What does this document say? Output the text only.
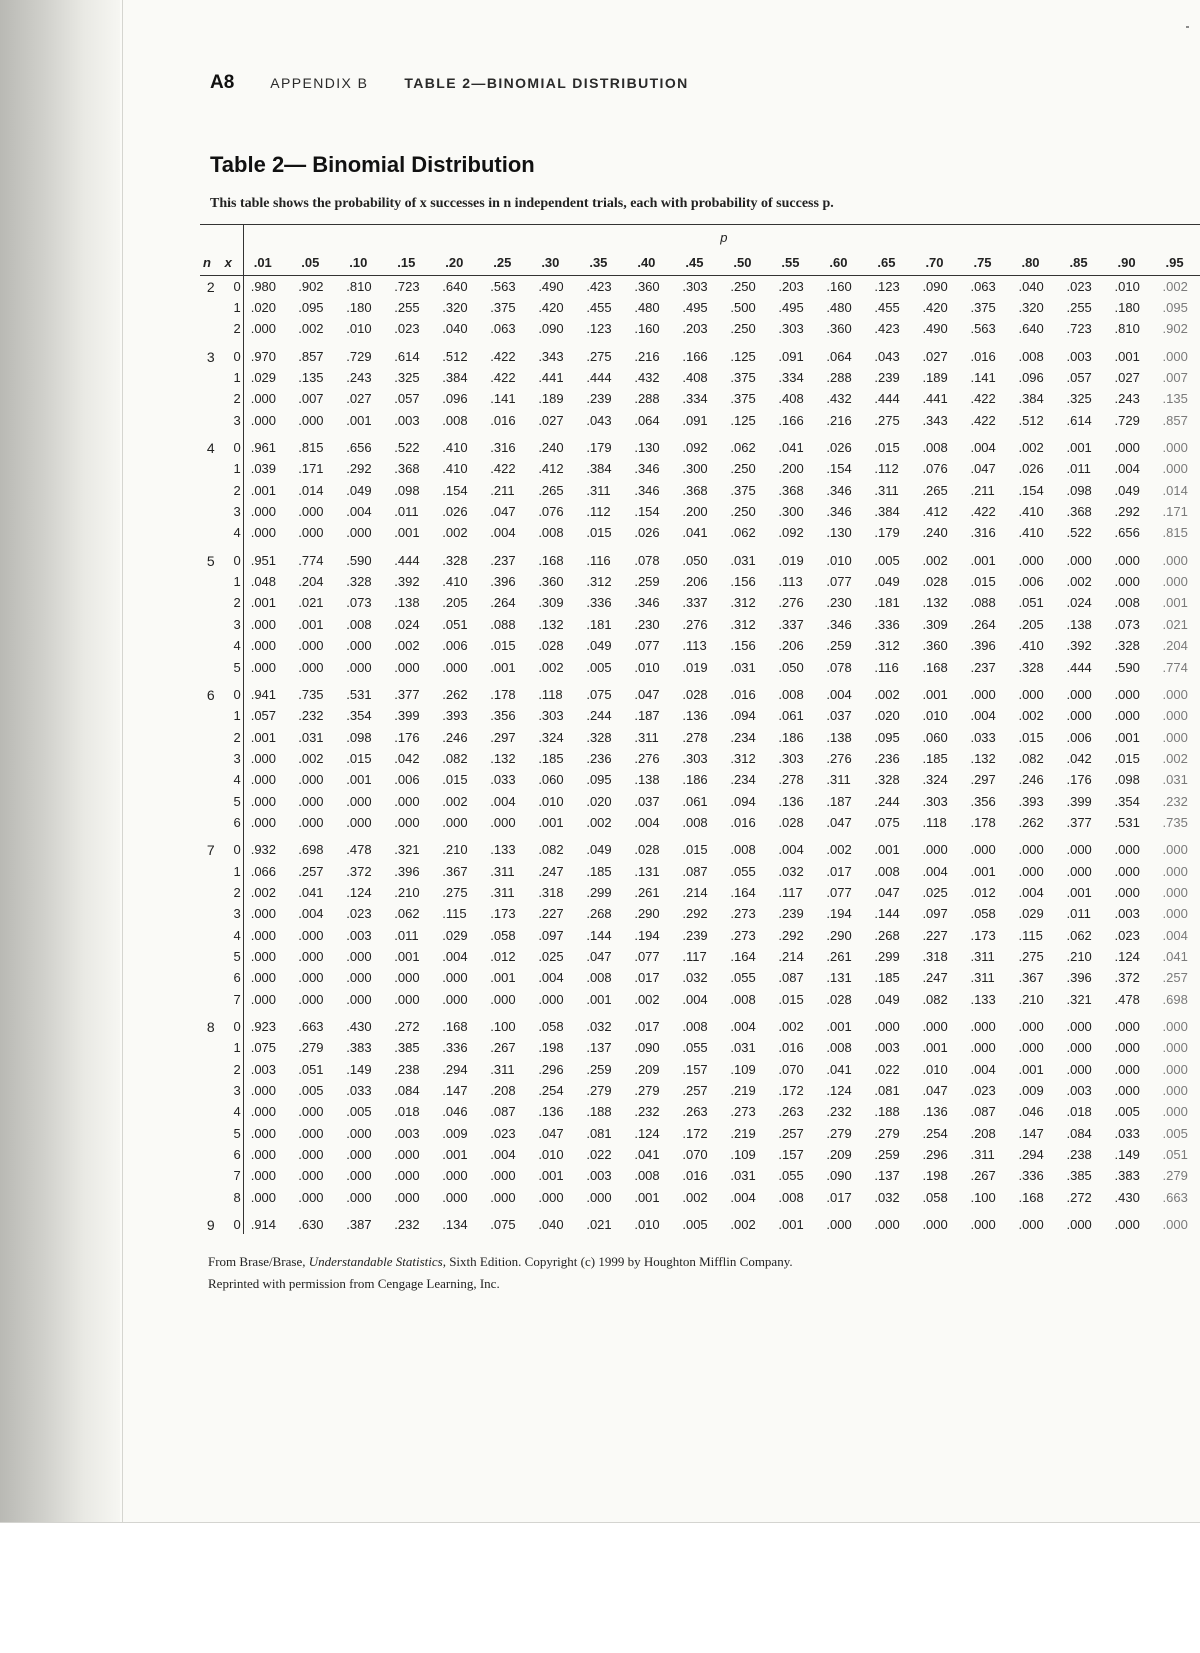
A8	APPENDIX B	TABLE 2—BINOMIAL DISTRIBUTION
Table 2— Binomial Distribution
This table shows the probability of x successes in n independent trials, each with probability of success p.
		p																			
n	x	.01	.05	.10	.15	.20	.25	.30	.35	.40	.45	.50	.55	.60	.65	.70	.75	.80	.85	.90	.95
2	0	.980	.902	.810	.723	.640	.563	.490	.423	.360	.303	.250	.203	.160	.123	.090	.063	.040	.023	.010	.002
	1	.020	.095	.180	.255	.320	.375	.420	.455	.480	.495	.500	.495	.480	.455	.420	.375	.320	.255	.180	.095
	2	.000	.002	.010	.023	.040	.063	.090	.123	.160	.203	.250	.303	.360	.423	.490	.563	.640	.723	.810	.902
3	0	.970	.857	.729	.614	.512	.422	.343	.275	.216	.166	.125	.091	.064	.043	.027	.016	.008	.003	.001	.000
	1	.029	.135	.243	.325	.384	.422	.441	.444	.432	.408	.375	.334	.288	.239	.189	.141	.096	.057	.027	.007
	2	.000	.007	.027	.057	.096	.141	.189	.239	.288	.334	.375	.408	.432	.444	.441	.422	.384	.325	.243	.135
	3	.000	.000	.001	.003	.008	.016	.027	.043	.064	.091	.125	.166	.216	.275	.343	.422	.512	.614	.729	.857
4	0	.961	.815	.656	.522	.410	.316	.240	.179	.130	.092	.062	.041	.026	.015	.008	.004	.002	.001	.000	.000
	1	.039	.171	.292	.368	.410	.422	.412	.384	.346	.300	.250	.200	.154	.112	.076	.047	.026	.011	.004	.000
	2	.001	.014	.049	.098	.154	.211	.265	.311	.346	.368	.375	.368	.346	.311	.265	.211	.154	.098	.049	.014
	3	.000	.000	.004	.011	.026	.047	.076	.112	.154	.200	.250	.300	.346	.384	.412	.422	.410	.368	.292	.171
	4	.000	.000	.000	.001	.002	.004	.008	.015	.026	.041	.062	.092	.130	.179	.240	.316	.410	.522	.656	.815
5	0	.951	.774	.590	.444	.328	.237	.168	.116	.078	.050	.031	.019	.010	.005	.002	.001	.000	.000	.000	.000
	1	.048	.204	.328	.392	.410	.396	.360	.312	.259	.206	.156	.113	.077	.049	.028	.015	.006	.002	.000	.000
	2	.001	.021	.073	.138	.205	.264	.309	.336	.346	.337	.312	.276	.230	.181	.132	.088	.051	.024	.008	.001
	3	.000	.001	.008	.024	.051	.088	.132	.181	.230	.276	.312	.337	.346	.336	.309	.264	.205	.138	.073	.021
	4	.000	.000	.000	.002	.006	.015	.028	.049	.077	.113	.156	.206	.259	.312	.360	.396	.410	.392	.328	.204
	5	.000	.000	.000	.000	.000	.001	.002	.005	.010	.019	.031	.050	.078	.116	.168	.237	.328	.444	.590	.774
6	0	.941	.735	.531	.377	.262	.178	.118	.075	.047	.028	.016	.008	.004	.002	.001	.000	.000	.000	.000	.000
	1	.057	.232	.354	.399	.393	.356	.303	.244	.187	.136	.094	.061	.037	.020	.010	.004	.002	.000	.000	.000
	2	.001	.031	.098	.176	.246	.297	.324	.328	.311	.278	.234	.186	.138	.095	.060	.033	.015	.006	.001	.000
	3	.000	.002	.015	.042	.082	.132	.185	.236	.276	.303	.312	.303	.276	.236	.185	.132	.082	.042	.015	.002
	4	.000	.000	.001	.006	.015	.033	.060	.095	.138	.186	.234	.278	.311	.328	.324	.297	.246	.176	.098	.031
	5	.000	.000	.000	.000	.002	.004	.010	.020	.037	.061	.094	.136	.187	.244	.303	.356	.393	.399	.354	.232
	6	.000	.000	.000	.000	.000	.000	.001	.002	.004	.008	.016	.028	.047	.075	.118	.178	.262	.377	.531	.735
7	0	.932	.698	.478	.321	.210	.133	.082	.049	.028	.015	.008	.004	.002	.001	.000	.000	.000	.000	.000	.000
	1	.066	.257	.372	.396	.367	.311	.247	.185	.131	.087	.055	.032	.017	.008	.004	.001	.000	.000	.000	.000
	2	.002	.041	.124	.210	.275	.311	.318	.299	.261	.214	.164	.117	.077	.047	.025	.012	.004	.001	.000	.000
	3	.000	.004	.023	.062	.115	.173	.227	.268	.290	.292	.273	.239	.194	.144	.097	.058	.029	.011	.003	.000
	4	.000	.000	.003	.011	.029	.058	.097	.144	.194	.239	.273	.292	.290	.268	.227	.173	.115	.062	.023	.004
	5	.000	.000	.000	.001	.004	.012	.025	.047	.077	.117	.164	.214	.261	.299	.318	.311	.275	.210	.124	.041
	6	.000	.000	.000	.000	.000	.001	.004	.008	.017	.032	.055	.087	.131	.185	.247	.311	.367	.396	.372	.257
	7	.000	.000	.000	.000	.000	.000	.000	.001	.002	.004	.008	.015	.028	.049	.082	.133	.210	.321	.478	.698
8	0	.923	.663	.430	.272	.168	.100	.058	.032	.017	.008	.004	.002	.001	.000	.000	.000	.000	.000	.000	.000
	1	.075	.279	.383	.385	.336	.267	.198	.137	.090	.055	.031	.016	.008	.003	.001	.000	.000	.000	.000	.000
	2	.003	.051	.149	.238	.294	.311	.296	.259	.209	.157	.109	.070	.041	.022	.010	.004	.001	.000	.000	.000
	3	.000	.005	.033	.084	.147	.208	.254	.279	.279	.257	.219	.172	.124	.081	.047	.023	.009	.003	.000	.000
	4	.000	.000	.005	.018	.046	.087	.136	.188	.232	.263	.273	.263	.232	.188	.136	.087	.046	.018	.005	.000
	5	.000	.000	.000	.003	.009	.023	.047	.081	.124	.172	.219	.257	.279	.279	.254	.208	.147	.084	.033	.005
	6	.000	.000	.000	.000	.001	.004	.010	.022	.041	.070	.109	.157	.209	.259	.296	.311	.294	.238	.149	.051
	7	.000	.000	.000	.000	.000	.000	.001	.003	.008	.016	.031	.055	.090	.137	.198	.267	.336	.385	.383	.279
	8	.000	.000	.000	.000	.000	.000	.000	.000	.001	.002	.004	.008	.017	.032	.058	.100	.168	.272	.430	.663
9	0	.914	.630	.387	.232	.134	.075	.040	.021	.010	.005	.002	.001	.000	.000	.000	.000	.000	.000	.000	.000

From Brase/Brase, Understandable Statistics, Sixth Edition. Copyright (c) 1999 by Houghton Mifflin Company.
Reprinted with permission from Cengage Learning, Inc.
